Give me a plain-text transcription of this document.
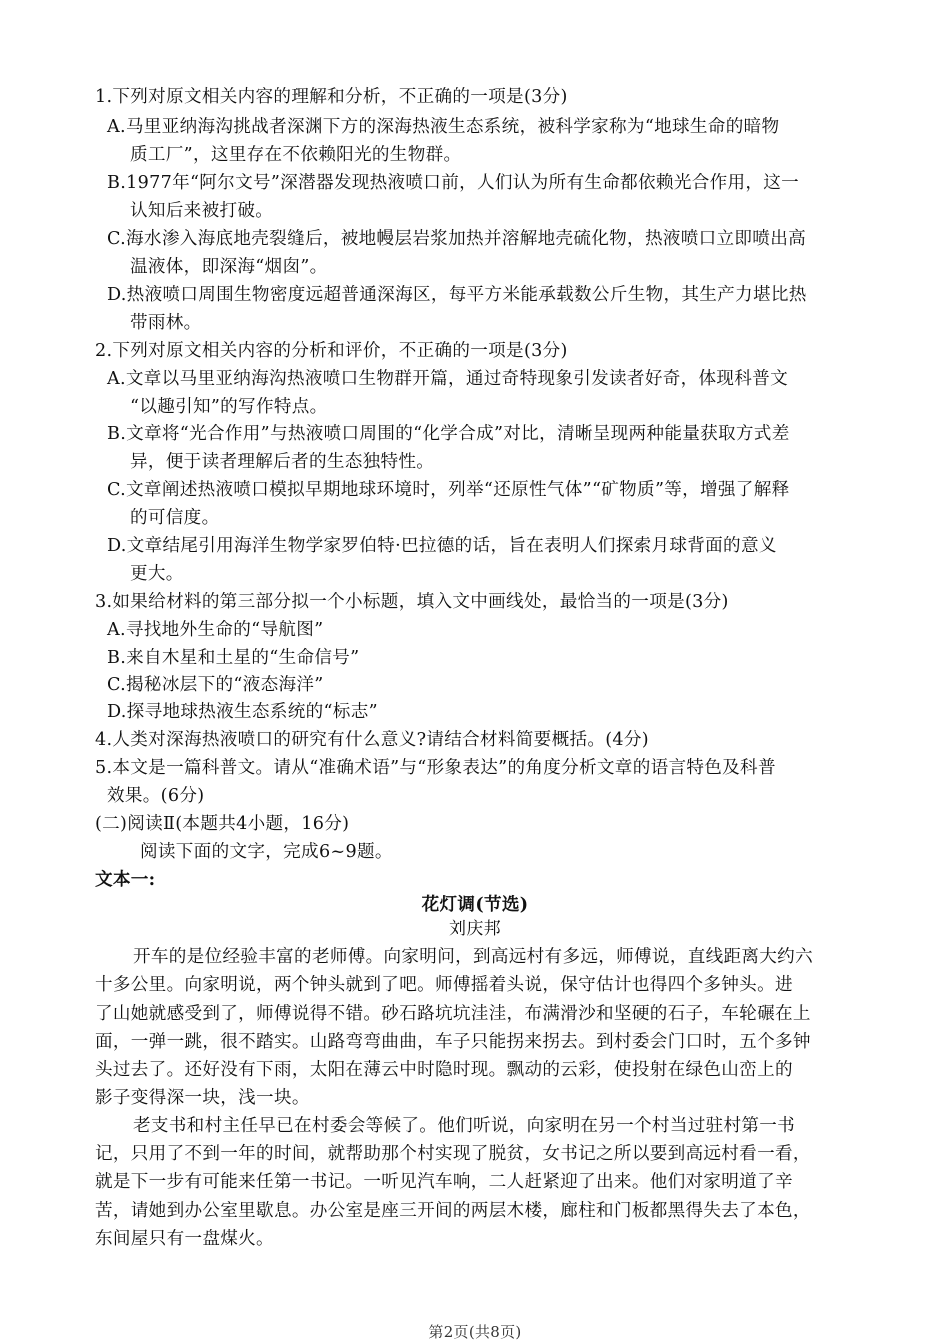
1.下列对原文相关内容的理解和分析，不正确的一项是(3分)
A.马里亚纳海沟挑战者深渊下方的深海热液生态系统，被科学家称为“地球生命的暗物
质工厂”，这里存在不依赖阳光的生物群。
B.1977年“阿尔文号”深潜器发现热液喷口前，人们认为所有生命都依赖光合作用，这一
认知后来被打破。
C.海水渗入海底地壳裂缝后，被地幔层岩浆加热并溶解地壳硫化物，热液喷口立即喷出高
温液体，即深海“烟囱”。
D.热液喷口周围生物密度远超普通深海区，每平方米能承载数公斤生物，其生产力堪比热
带雨林。
2.下列对原文相关内容的分析和评价，不正确的一项是(3分)
A.文章以马里亚纳海沟热液喷口生物群开篇，通过奇特现象引发读者好奇，体现科普文
“以趣引知”的写作特点。
B.文章将“光合作用”与热液喷口周围的“化学合成”对比，清晰呈现两种能量获取方式差
异，便于读者理解后者的生态独特性。
C.文章阐述热液喷口模拟早期地球环境时，列举“还原性气体”“矿物质”等，增强了解释
的可信度。
D.文章结尾引用海洋生物学家罗伯特·巴拉德的话，旨在表明人们探索月球背面的意义
更大。
3.如果给材料的第三部分拟一个小标题，填入文中画线处，最恰当的一项是(3分)
A.寻找地外生命的“导航图”
B.来自木星和土星的“生命信号”
C.揭秘冰层下的“液态海洋”
D.探寻地球热液生态系统的“标志”
4.人类对深海热液喷口的研究有什么意义?请结合材料简要概括。(4分)
5.本文是一篇科普文。请从“准确术语”与“形象表达”的角度分析文章的语言特色及科普
效果。(6分)
(二)阅读Ⅱ(本题共4小题，16分)
阅读下面的文字，完成6~9题。
文本一:
花灯调(节选)
刘庆邦
开车的是位经验丰富的老师傅。向家明问，到高远村有多远，师傅说，直线距离大约六
十多公里。向家明说，两个钟头就到了吧。师傅摇着头说，保守估计也得四个多钟头。进
了山她就感受到了，师傅说得不错。砂石路坑坑洼洼，布满滑沙和坚硬的石子，车轮碾在上
面，一弹一跳，很不踏实。山路弯弯曲曲，车子只能拐来拐去。到村委会门口时，五个多钟
头过去了。还好没有下雨，太阳在薄云中时隐时现。飘动的云彩，使投射在绿色山峦上的
影子变得深一块，浅一块。
老支书和村主任早已在村委会等候了。他们听说，向家明在另一个村当过驻村第一书
记，只用了不到一年的时间，就帮助那个村实现了脱贫，女书记之所以要到高远村看一看，
就是下一步有可能来任第一书记。一听见汽车响，二人赶紧迎了出来。他们对家明道了辛
苦，请她到办公室里歇息。办公室是座三开间的两层木楼，廊柱和门板都黑得失去了本色，
东间屋只有一盘煤火。
第2页(共8页)
